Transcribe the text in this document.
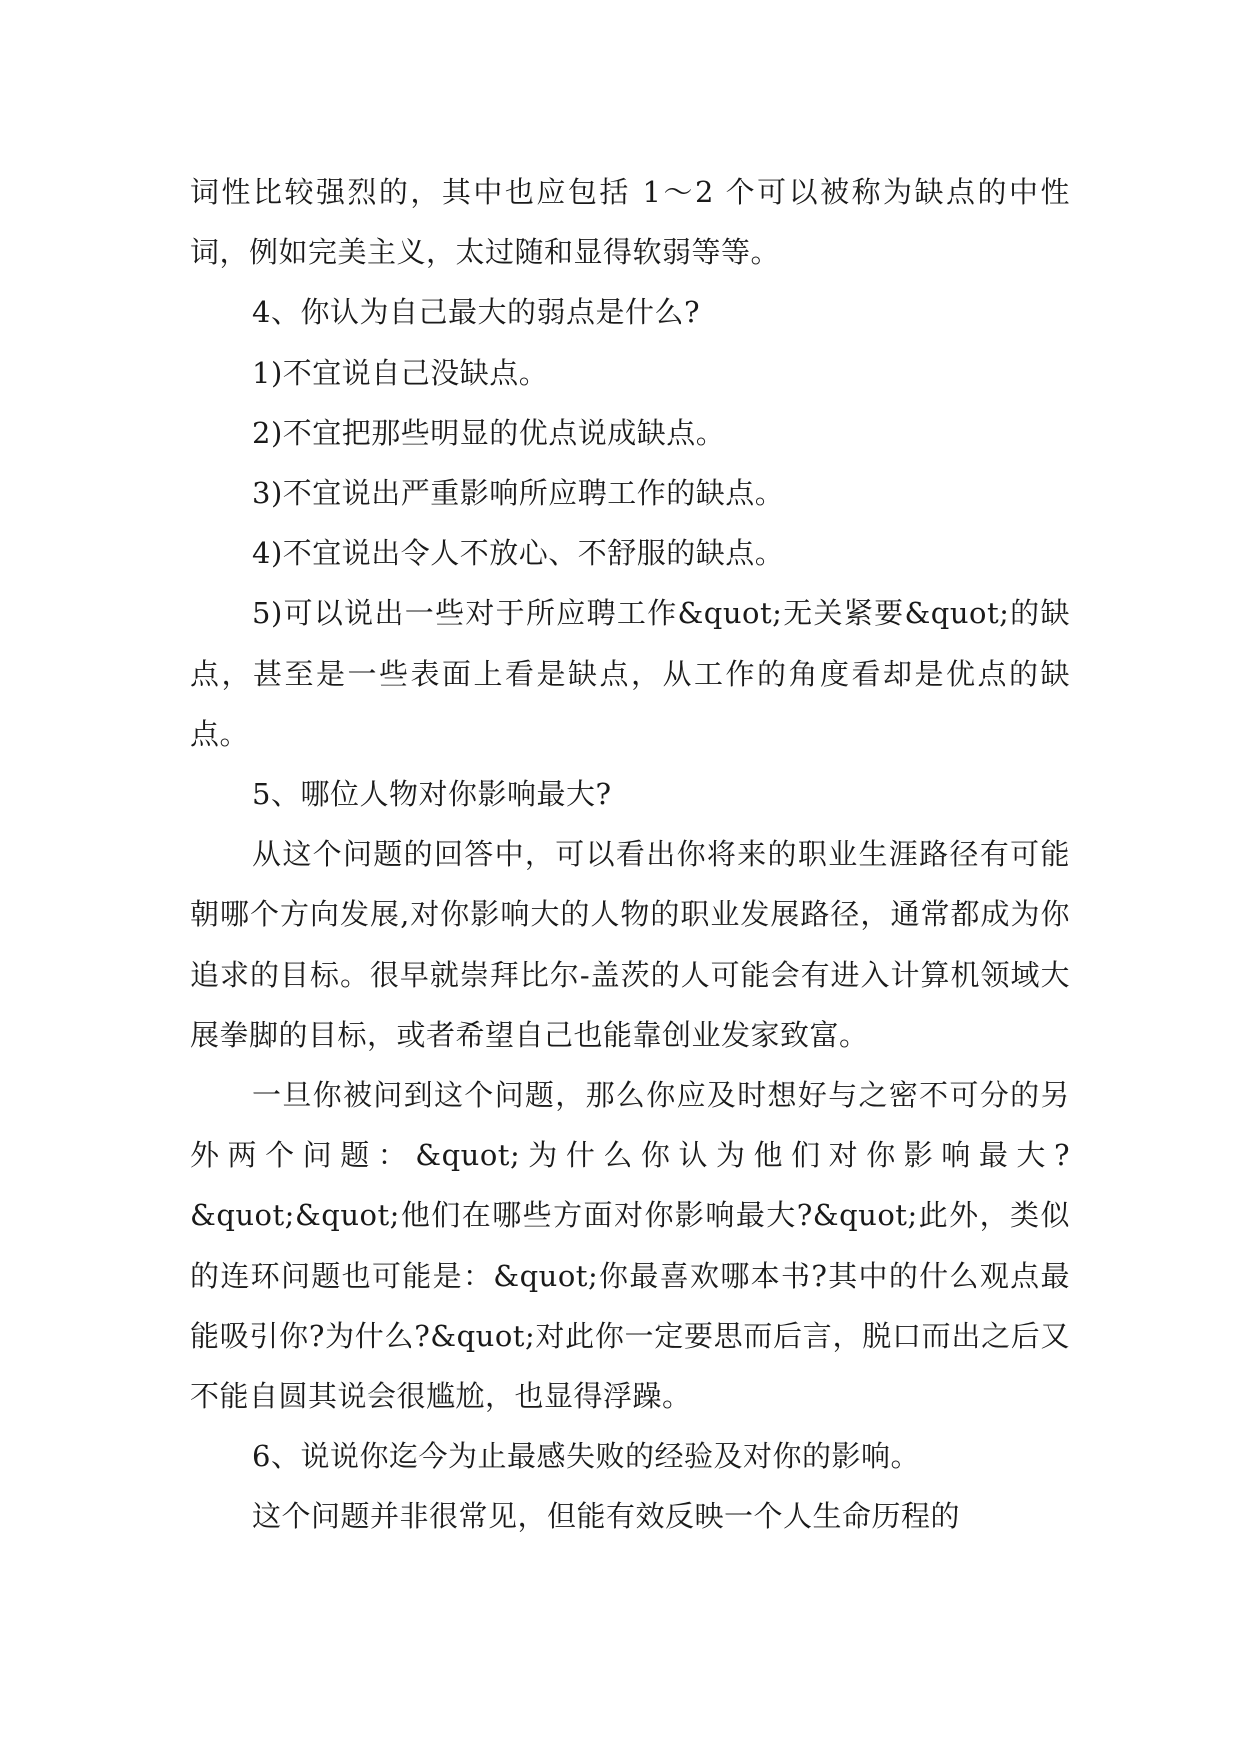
词性比较强烈的，其中也应包括 1～2 个可以被称为缺点的中性词，例如完美主义，太过随和显得软弱等等。

4、你认为自己最大的弱点是什么?

1)不宜说自己没缺点。

2)不宜把那些明显的优点说成缺点。

3)不宜说出严重影响所应聘工作的缺点。

4)不宜说出令人不放心、不舒服的缺点。

5)可以说出一些对于所应聘工作&quot;无关紧要&quot;的缺点，甚至是一些表面上看是缺点，从工作的角度看却是优点的缺点。

5、哪位人物对你影响最大?

从这个问题的回答中，可以看出你将来的职业生涯路径有可能朝哪个方向发展,对你影响大的人物的职业发展路径，通常都成为你追求的目标。很早就崇拜比尔-盖茨的人可能会有进入计算机领域大展拳脚的目标，或者希望自己也能靠创业发家致富。

一旦你被问到这个问题，那么你应及时想好与之密不可分的另外两个问题：&quot;为什么你认为他们对你影响最大?&quot;&quot;他们在哪些方面对你影响最大?&quot;此外，类似的连环问题也可能是：&quot;你最喜欢哪本书?其中的什么观点最能吸引你?为什么?&quot;对此你一定要思而后言，脱口而出之后又不能自圆其说会很尴尬，也显得浮躁。

6、说说你迄今为止最感失败的经验及对你的影响。

这个问题并非很常见，但能有效反映一个人生命历程的
